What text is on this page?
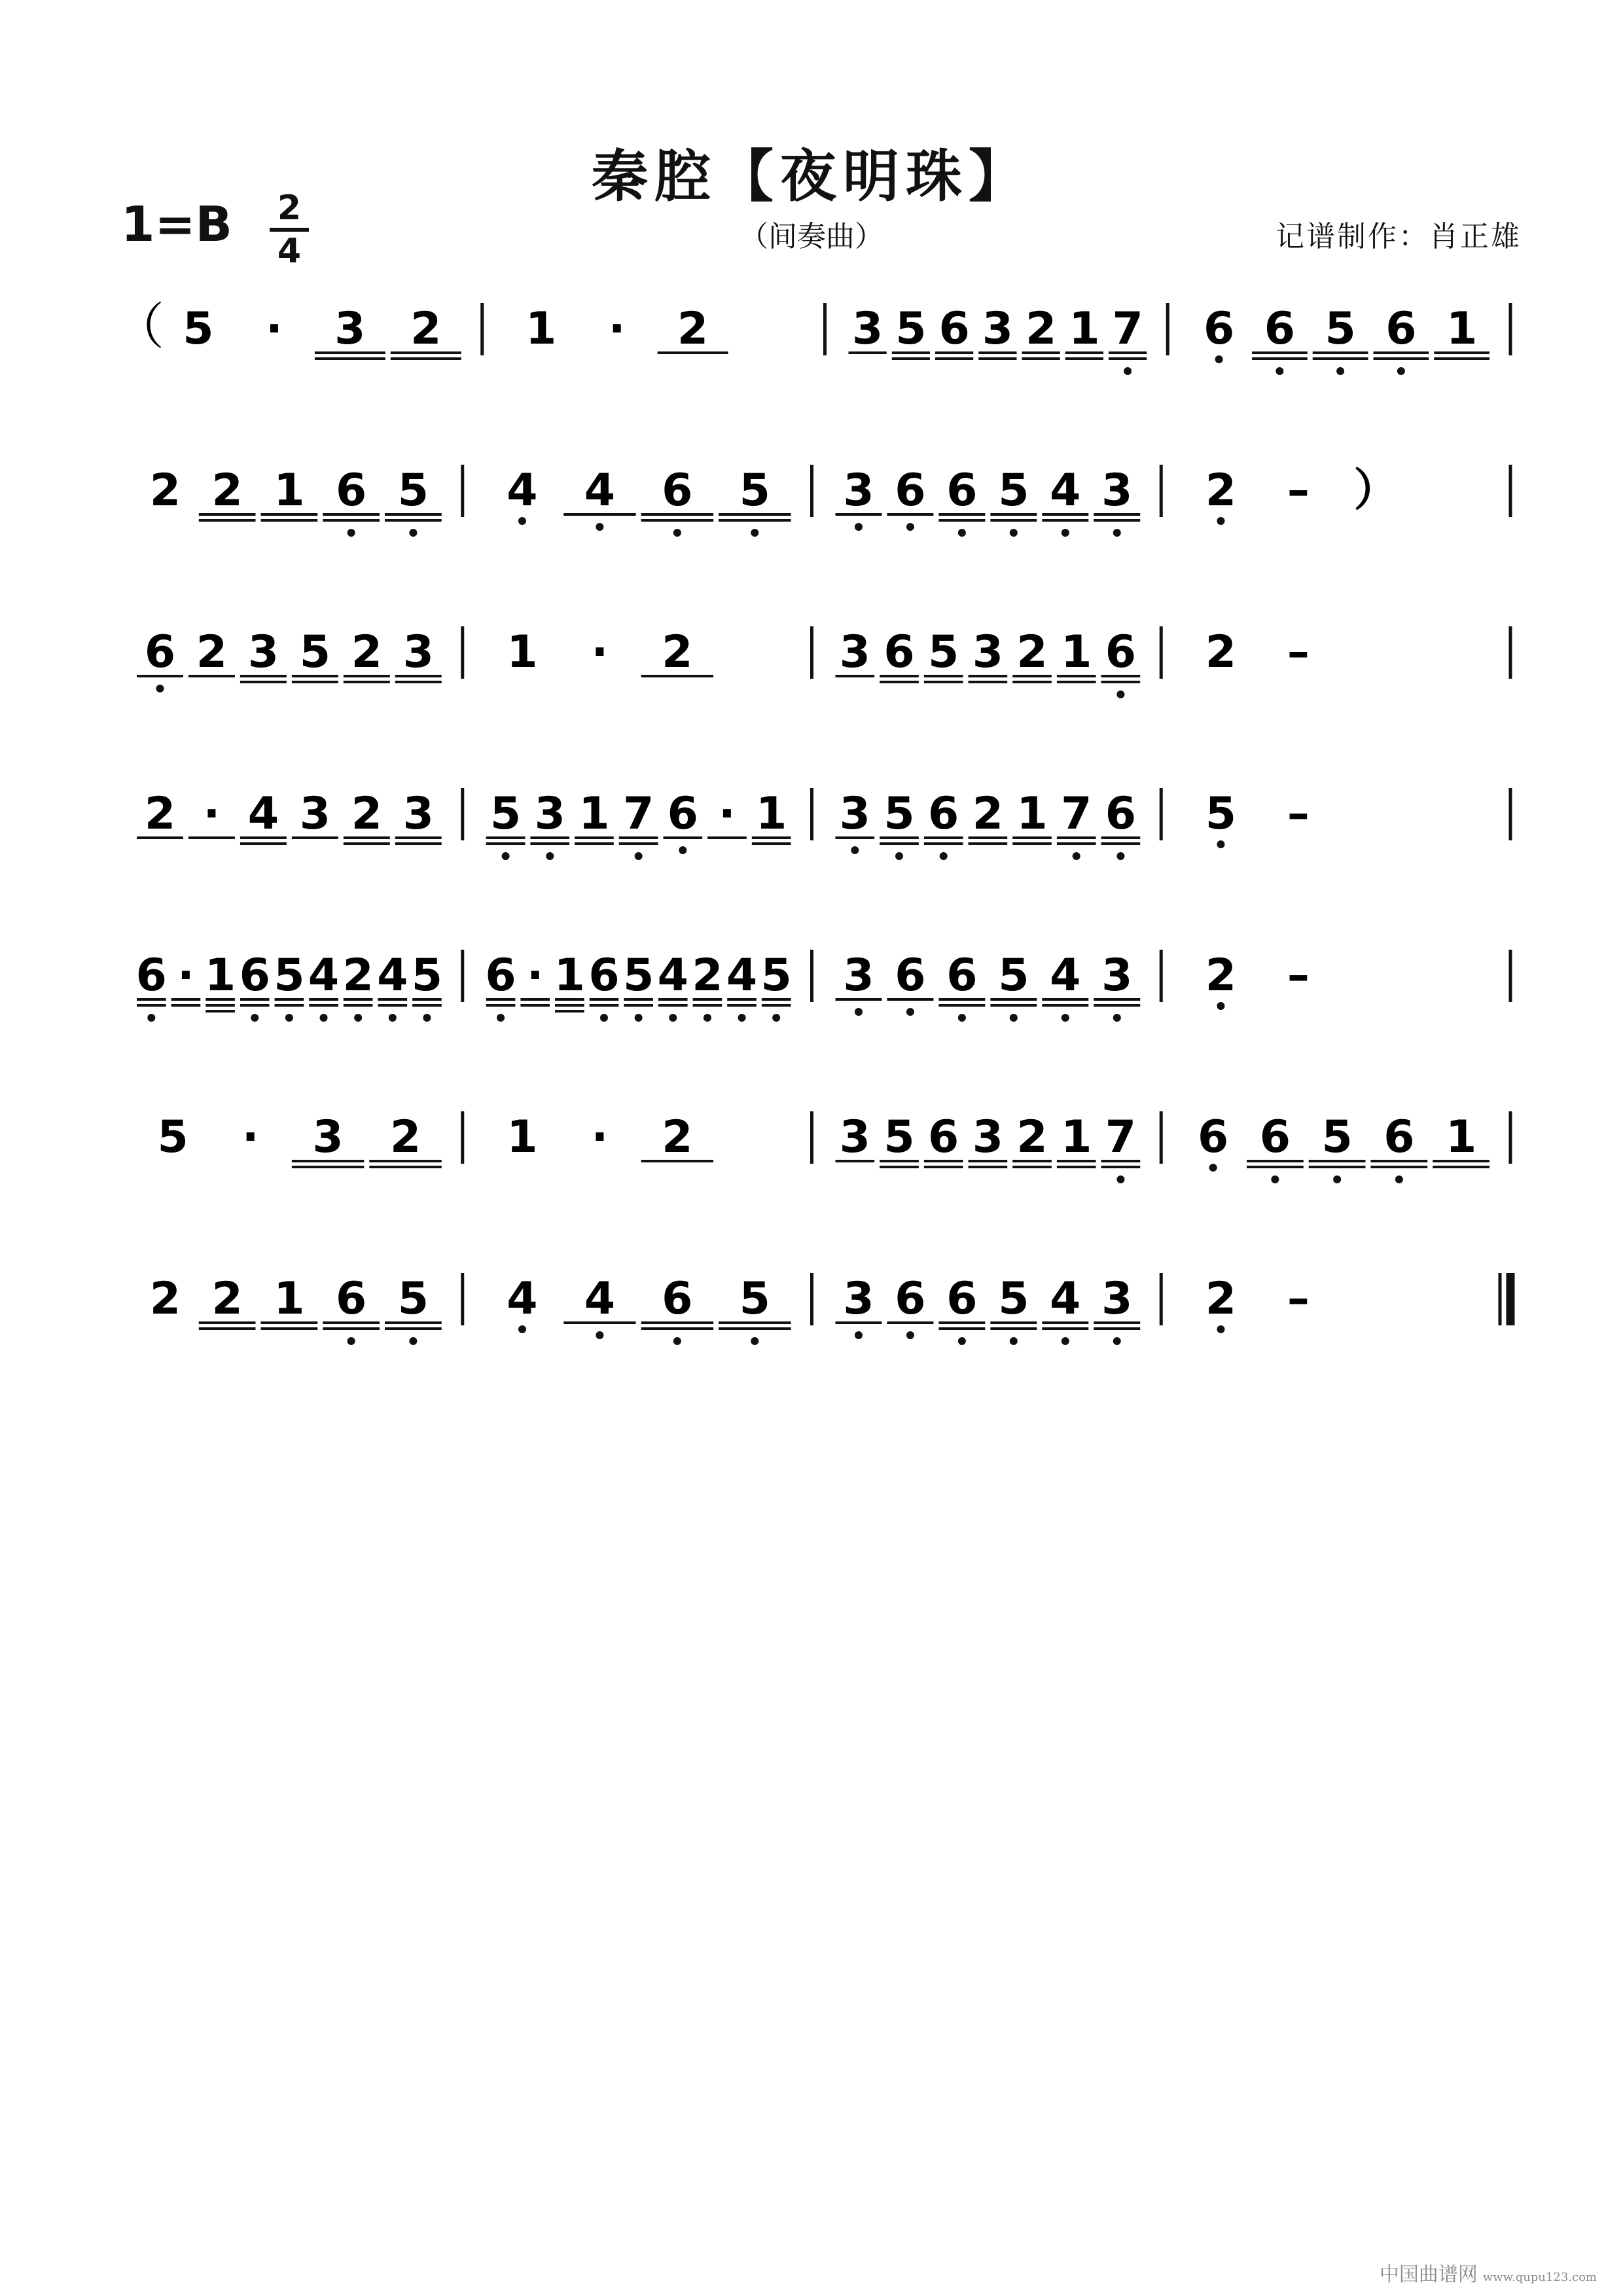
秦腔【夜明珠】
1=B 2
4	（间奏曲）	记谱制作：肖正雄
（ 5 · 3 2 1 · 2	3 5 6 3 2 1 7 6 6 5 6 1
2 2 1 6 5 4 4 6 5 3 6 6 5 4 3 2 – ）
6 2 3 5 2 3 1 · 2	3 6 5 3 2 1 6 2 –
2 · 4 3 2 3 5 3 1 7 6 · 1 3 5 6 2 1 7 6 5 –
6 · 1 6 5 4 2 4 5 6 · 1 6 5 4 2 4 5 3 6 6 5 4 3 2 –
5 · 3 2 1 · 2	3 5 6 3 2 1 7 6 6 5 6 1
2 2 1 6 5 4 4 6 5 3 6 6 5 4 3 2 –
中国曲谱网 www.qupu123.com
